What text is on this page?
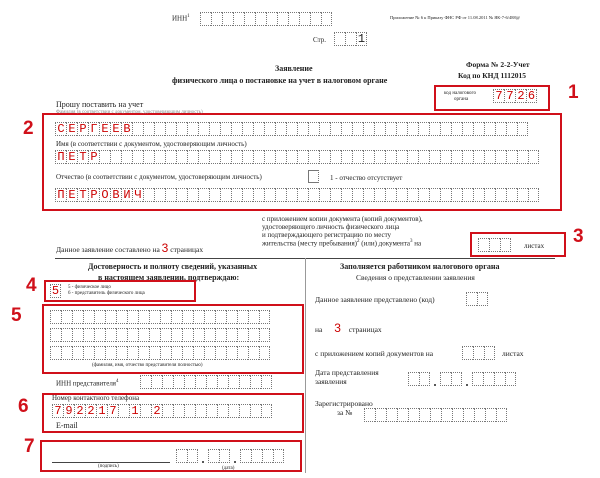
ИНН$^1$	Приложение № 6 к Приказу ФНС РФ от 11.08.2011 № ЯК-7-6/488@
Стр.	1
Форма № 2-2-Учет
Код по КНД 1112015
Заявление
физического лица о постановке на учет в налоговом органе
код налогового
органа	7 7 2 6 1
Прошу поставить на учет
2
Фамилия (в соответствии с документом, удостоверяющим личность)
С Е Р Г Е Е В
Имя (в соответствии с документом, удостоверяющим личность)
П Е Т Р
Отчество (в соответствии с документом, удостоверяющим личность)	1 - отчество отсутствует
П Е Т Р О В И Ч
с приложением копии документа (копий документов),
удостоверяющего личность физического лица
и подтверждающего регистрацию по месту
жительства (месту пребывания)$^2$ (или) документа$^3$ на	листах 3
Данное заявление составлено на 3 страницах
Достоверность и полноту сведений, указанных
в настоящем заявлении, подтверждаю:
5	5 - физическое лицо
6 - представитель физического лица
4
5
(фамилия, имя, отчество представителя полностью)
ИНН представителя$^4$
6	Номер контактного телефона
7 9 2 2 1 7 1 2
E-mail
7
(подпись)	(дата)
Заполняется работником налогового органа
Сведения о представлении заявления
Данное заявление представлено (код)
на 3 страницах
с приложением копий документов на	листах
Дата представления
заявления
Зарегистрировано
за №
